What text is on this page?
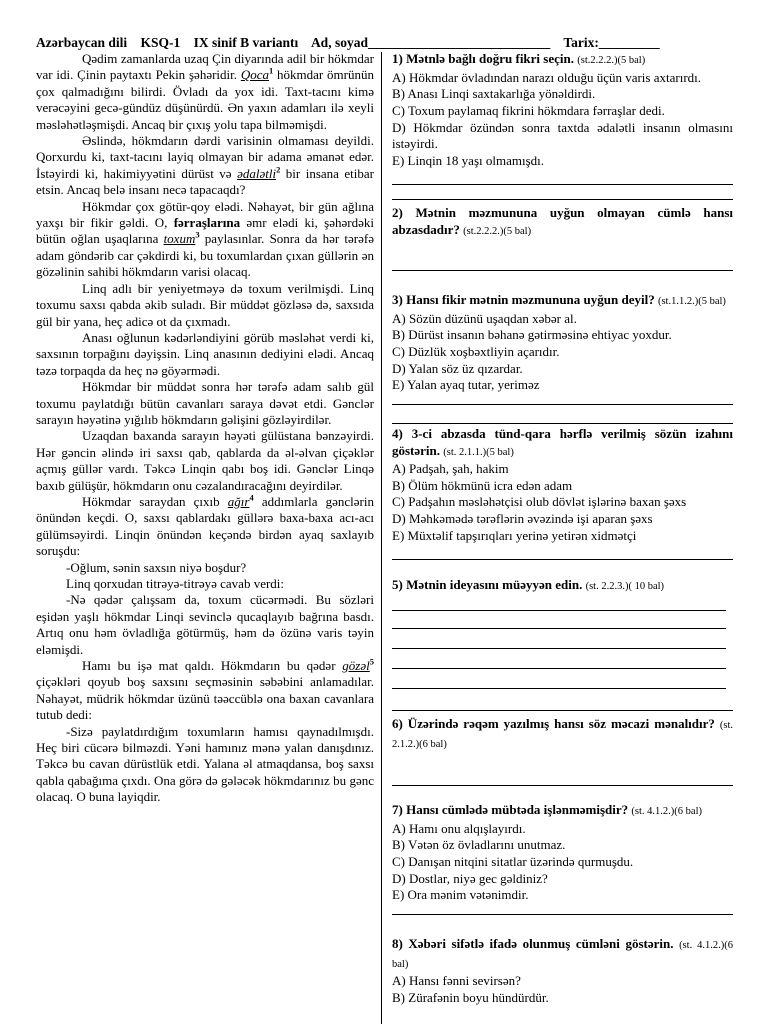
Azərbaycan dili KSQ-1 IX sinif B variantı Ad, soyad___________________________ Tarix:_________

Qədim zamanlarda uzaq Çin diyarında adil bir hökmdar var idi. Çinin paytaxtı Pekin şəhəridir. Qoca$^1$ hökmdar ömrünün çox qalmadığını bilirdi. Övladı da yox idi. Taxt-tacını kimə verəcəyini gecə-gündüz düşünürdü. Ən yaxın adamları ilə xeyli məsləhətləşmişdi. Ancaq bir çıxış yolu tapa bilməmişdi.

Əslində, hökmdarın dərdi varisinin olmaması deyildi. Qorxurdu ki, taxt-tacını layiq olmayan bir adama əmanət edər. İstəyirdi ki, hakimiyyətini dürüst və ədalətli$^2$ bir insana etibar etsin. Ancaq belə insanı necə tapacaqdı?

Hökmdar çox götür-qoy elədi. Nəhayət, bir gün ağlına yaxşı bir fikir gəldi. O, fərraşlarına əmr elədi ki, şəhərdəki bütün oğlan uşaqlarına toxum$^3$ paylasınlar. Sonra da hər tərəfə adam göndərib car çəkdirdi ki, bu toxumlardan çıxan güllərin ən gözəlinin sahibi hökmdarın varisi olacaq.

Linq adlı bir yeniyetməyə də toxum verilmişdi. Linq toxumu saxsı qabda əkib suladı. Bir müddət gözləsə də, saxsıda gül bir yana, heç adicə ot da çıxmadı.

Anası oğlunun kədərləndiyini görüb məsləhət verdi ki, saxsının torpağını dəyişsin. Linq anasının dediyini elədi. Ancaq təzə torpaqda da heç nə göyərmədi.

Hökmdar bir müddət sonra hər tərəfə adam salıb gül toxumu paylatdığı bütün cavanları saraya dəvət etdi. Gənclər sarayın həyətinə yığılıb hökmdarın gəlişini gözləyirdilər.

Uzaqdan baxanda sarayın həyəti gülüstana bənzəyirdi. Hər gəncin əlində iri saxsı qab, qablarda da əl-əlvan çiçəklər açmış güllər vardı. Təkcə Linqin qabı boş idi. Gənclər Linqə baxıb gülüşür, hökmdarın onu cəzalandıracağını deyirdilər.

Hökmdar saraydan çıxıb ağır$^4$ addımlarla gənclərin önündən keçdi. O, saxsı qablardakı güllərə baxa-baxa acı-acı gülümsəyirdi. Linqin önündən keçəndə birdən ayaq saxlayıb soruşdu:

-Oğlum, sənin saxsın niyə boşdur?

Linq qorxudan titrəyə-titrəyə cavab verdi:

-Nə qədər çalışsam da, toxum cücərmədi. Bu sözləri eşidən yaşlı hökmdar Linqi sevinclə qucaqlayıb bağrına basdı. Artıq onu həm övladlığa götürmüş, həm də özünə varis təyin eləmişdi.

Hamı bu işə mat qaldı. Hökmdarın bu qədər gözəl$^5$ çiçəkləri qoyub boş saxsını seçməsinin səbəbini anlamadılar. Nəhayət, müdrik hökmdar üzünü təəccüblə ona baxan cavanlara tutub dedi:

-Sizə paylatdırdığım toxumların hamısı qaynadılmışdı. Heç biri cücərə bilməzdi. Yəni hamınız mənə yalan danışdınız. Təkcə bu cavan dürüstlük etdi. Yalana əl atmaqdansa, boş saxsı qabla qabağıma çıxdı. Ona görə də gələcək hökmdarınız bu gənc olacaq. O buna layiqdir.

1) Mətnlə bağlı doğru fikri seçin. (st.2.2.2.)(5 bal)
A) Hökmdar övladından narazı olduğu üçün varis axtarırdı.
B) Anası Linqi saxtakarlığa yönəldirdi.
C) Toxum paylamaq fikrini hökmdara fərraşlar dedi.
D) Hökmdar özündən sonra taxtda ədalətli insanın olmasını istəyirdi.
E) Linqin 18 yaşı olmamışdı.
2) Mətnin məzmununa uyğun olmayan cümlə hansı abzasdadır? (st.2.2.2.)(5 bal)
3) Hansı fikir mətnin məzmununa uyğun deyil? (st.1.1.2.)(5 bal)
A) Sözün düzünü uşaqdan xəbər al.
B) Dürüst insanın bəhanə gətirməsinə ehtiyac yoxdur.
C) Düzlük xoşbəxtliyin açarıdır.
D) Yalan söz üz qızardar.
E) Yalan ayaq tutar, yeriməz
4) 3-ci abzasda tünd-qara hərflə verilmiş sözün izahını göstərin. (st. 2.1.1.)(5 bal)
A) Padşah, şah, hakim
B) Ölüm hökmünü icra edən adam
C) Padşahın məsləhətçisi olub dövlət işlərinə baxan şəxs
D) Məhkəmədə tərəflərin əvəzində işi aparan şəxs
E) Müxtəlif tapşırıqları yerinə yetirən xidmətçi
5) Mətnin ideyasını müəyyən edin. (st. 2.2.3.)( 10 bal)
6) Üzərində rəqəm yazılmış hansı söz məcazi mənalıdır? (st. 2.1.2.)(6 bal)
7) Hansı cümlədə mübtəda işlənməmişdir? (st. 4.1.2.)(6 bal)
A) Hamı onu alqışlayırdı.
B) Vətən öz övladlarını unutmaz.
C) Danışan nitqini sitatlar üzərində qurmuşdu.
D) Dostlar, niyə gec gəldiniz?
E) Ora mənim vətənimdir.
8) Xəbəri sifətlə ifadə olunmuş cümləni göstərin. (st. 4.1.2.)(6 bal)
A) Hansı fənni sevirsən?
B) Zürafənin boyu hündürdür.
